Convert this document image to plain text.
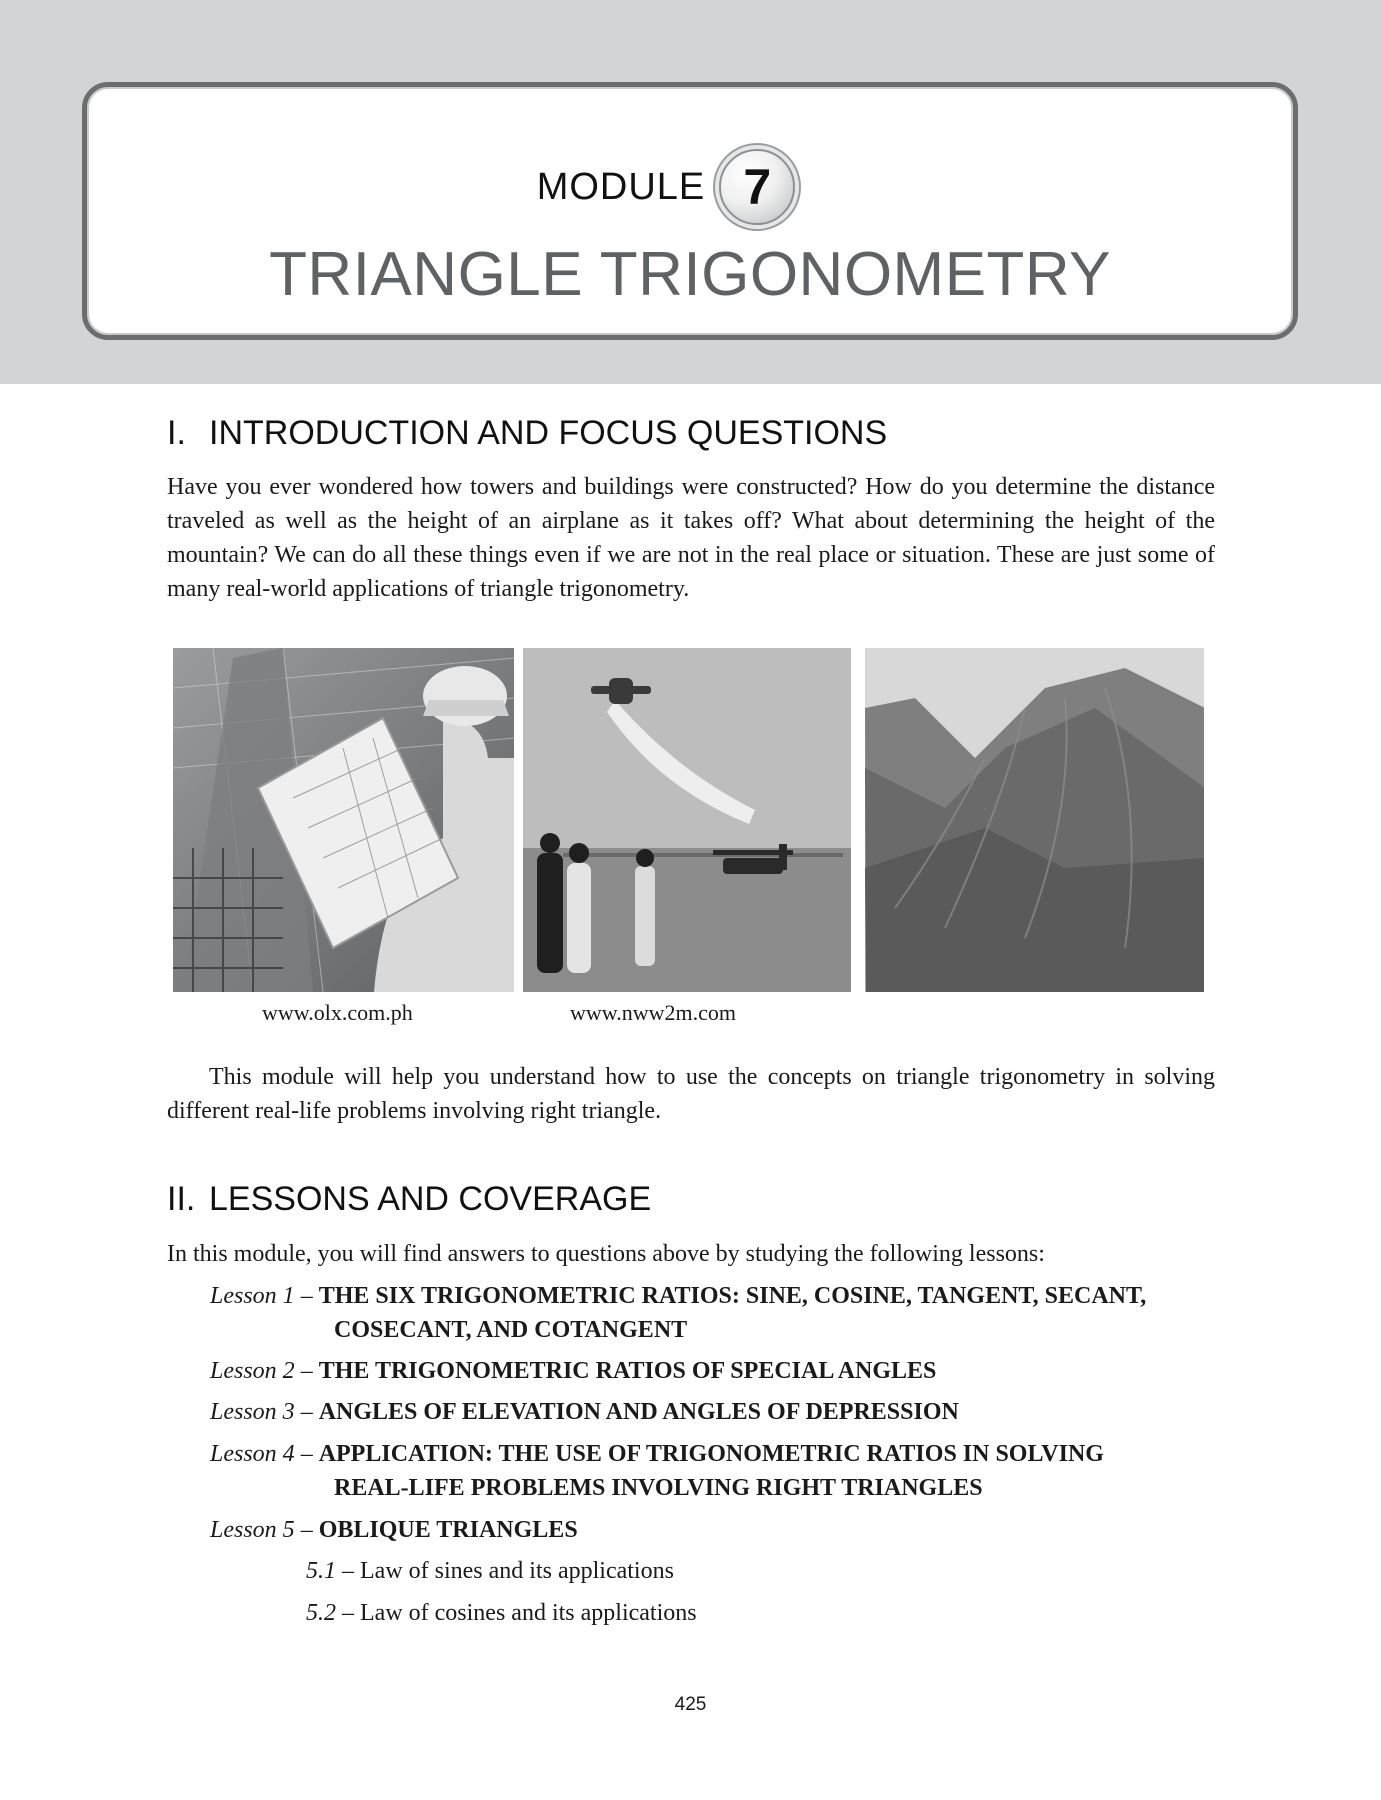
MODULE 7
TRIANGLE TRIGONOMETRY
I. INTRODUCTION AND FOCUS QUESTIONS

Have you ever wondered how towers and buildings were constructed? How do you determine the distance traveled as well as the height of an airplane as it takes off? What about determining the height of the mountain? We can do all these things even if we are not in the real place or situation. These are just some of many real-world applications of triangle trigonometry.

www.olx.com.ph	www.nww2m.com

This module will help you understand how to use the concepts on triangle trigonometry in solving different real-life problems involving right triangle.

II. LESSONS AND COVERAGE

In this module, you will find answers to questions above by studying the following lessons:

Lesson 1 – THE SIX TRIGONOMETRIC RATIOS: SINE, COSINE, TANGENT, SECANT,
COSECANT, AND COTANGENT
Lesson 2 – THE TRIGONOMETRIC RATIOS OF SPECIAL ANGLES
Lesson 3 – ANGLES OF ELEVATION AND ANGLES OF DEPRESSION
Lesson 4 – APPLICATION: THE USE OF TRIGONOMETRIC RATIOS IN SOLVING
REAL-LIFE PROBLEMS INVOLVING RIGHT TRIANGLES
Lesson 5 – OBLIQUE TRIANGLES
5.1 – Law of sines and its applications
5.2 – Law of cosines and its applications
425
